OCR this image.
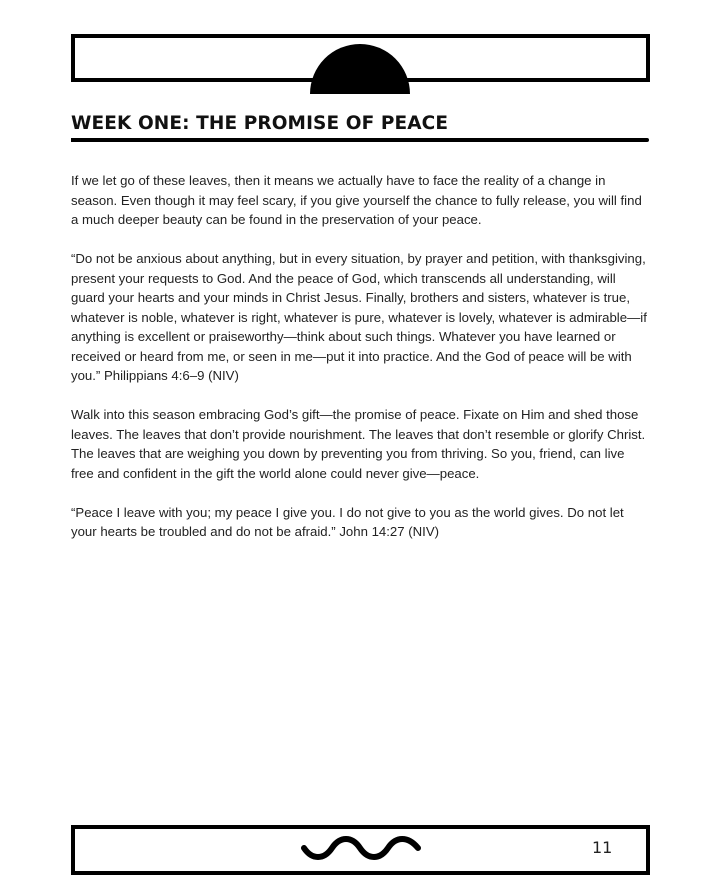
WEEK ONE: THE PROMISE OF PEACE

If we let go of these leaves, then it means we actually have to face the reality of a change in season. Even though it may feel scary, if you give yourself the chance to fully release, you will find a much deeper beauty can be found in the preservation of your peace.

“Do not be anxious about anything, but in every situation, by prayer and petition, with thanksgiving, present your requests to God. And the peace of God, which transcends all understanding, will guard your hearts and your minds in Christ Jesus. Finally, brothers and sisters, whatever is true, whatever is noble, whatever is right, whatever is pure, whatever is lovely, whatever is admirable—if anything is excellent or praiseworthy—think about such things. Whatever you have learned or received or heard from me, or seen in me—put it into practice. And the God of peace will be with you.” Philippians 4:6–9 (NIV)

Walk into this season embracing God’s gift—the promise of peace. Fixate on Him and shed those leaves. The leaves that don’t provide nourishment. The leaves that don’t resemble or glorify Christ. The leaves that are weighing you down by preventing you from thriving. So you, friend, can live free and confident in the gift the world alone could never give—peace.

“Peace I leave with you; my peace I give you. I do not give to you as the world gives. Do not let your hearts be troubled and do not be afraid.” John 14:27 (NIV)

11
